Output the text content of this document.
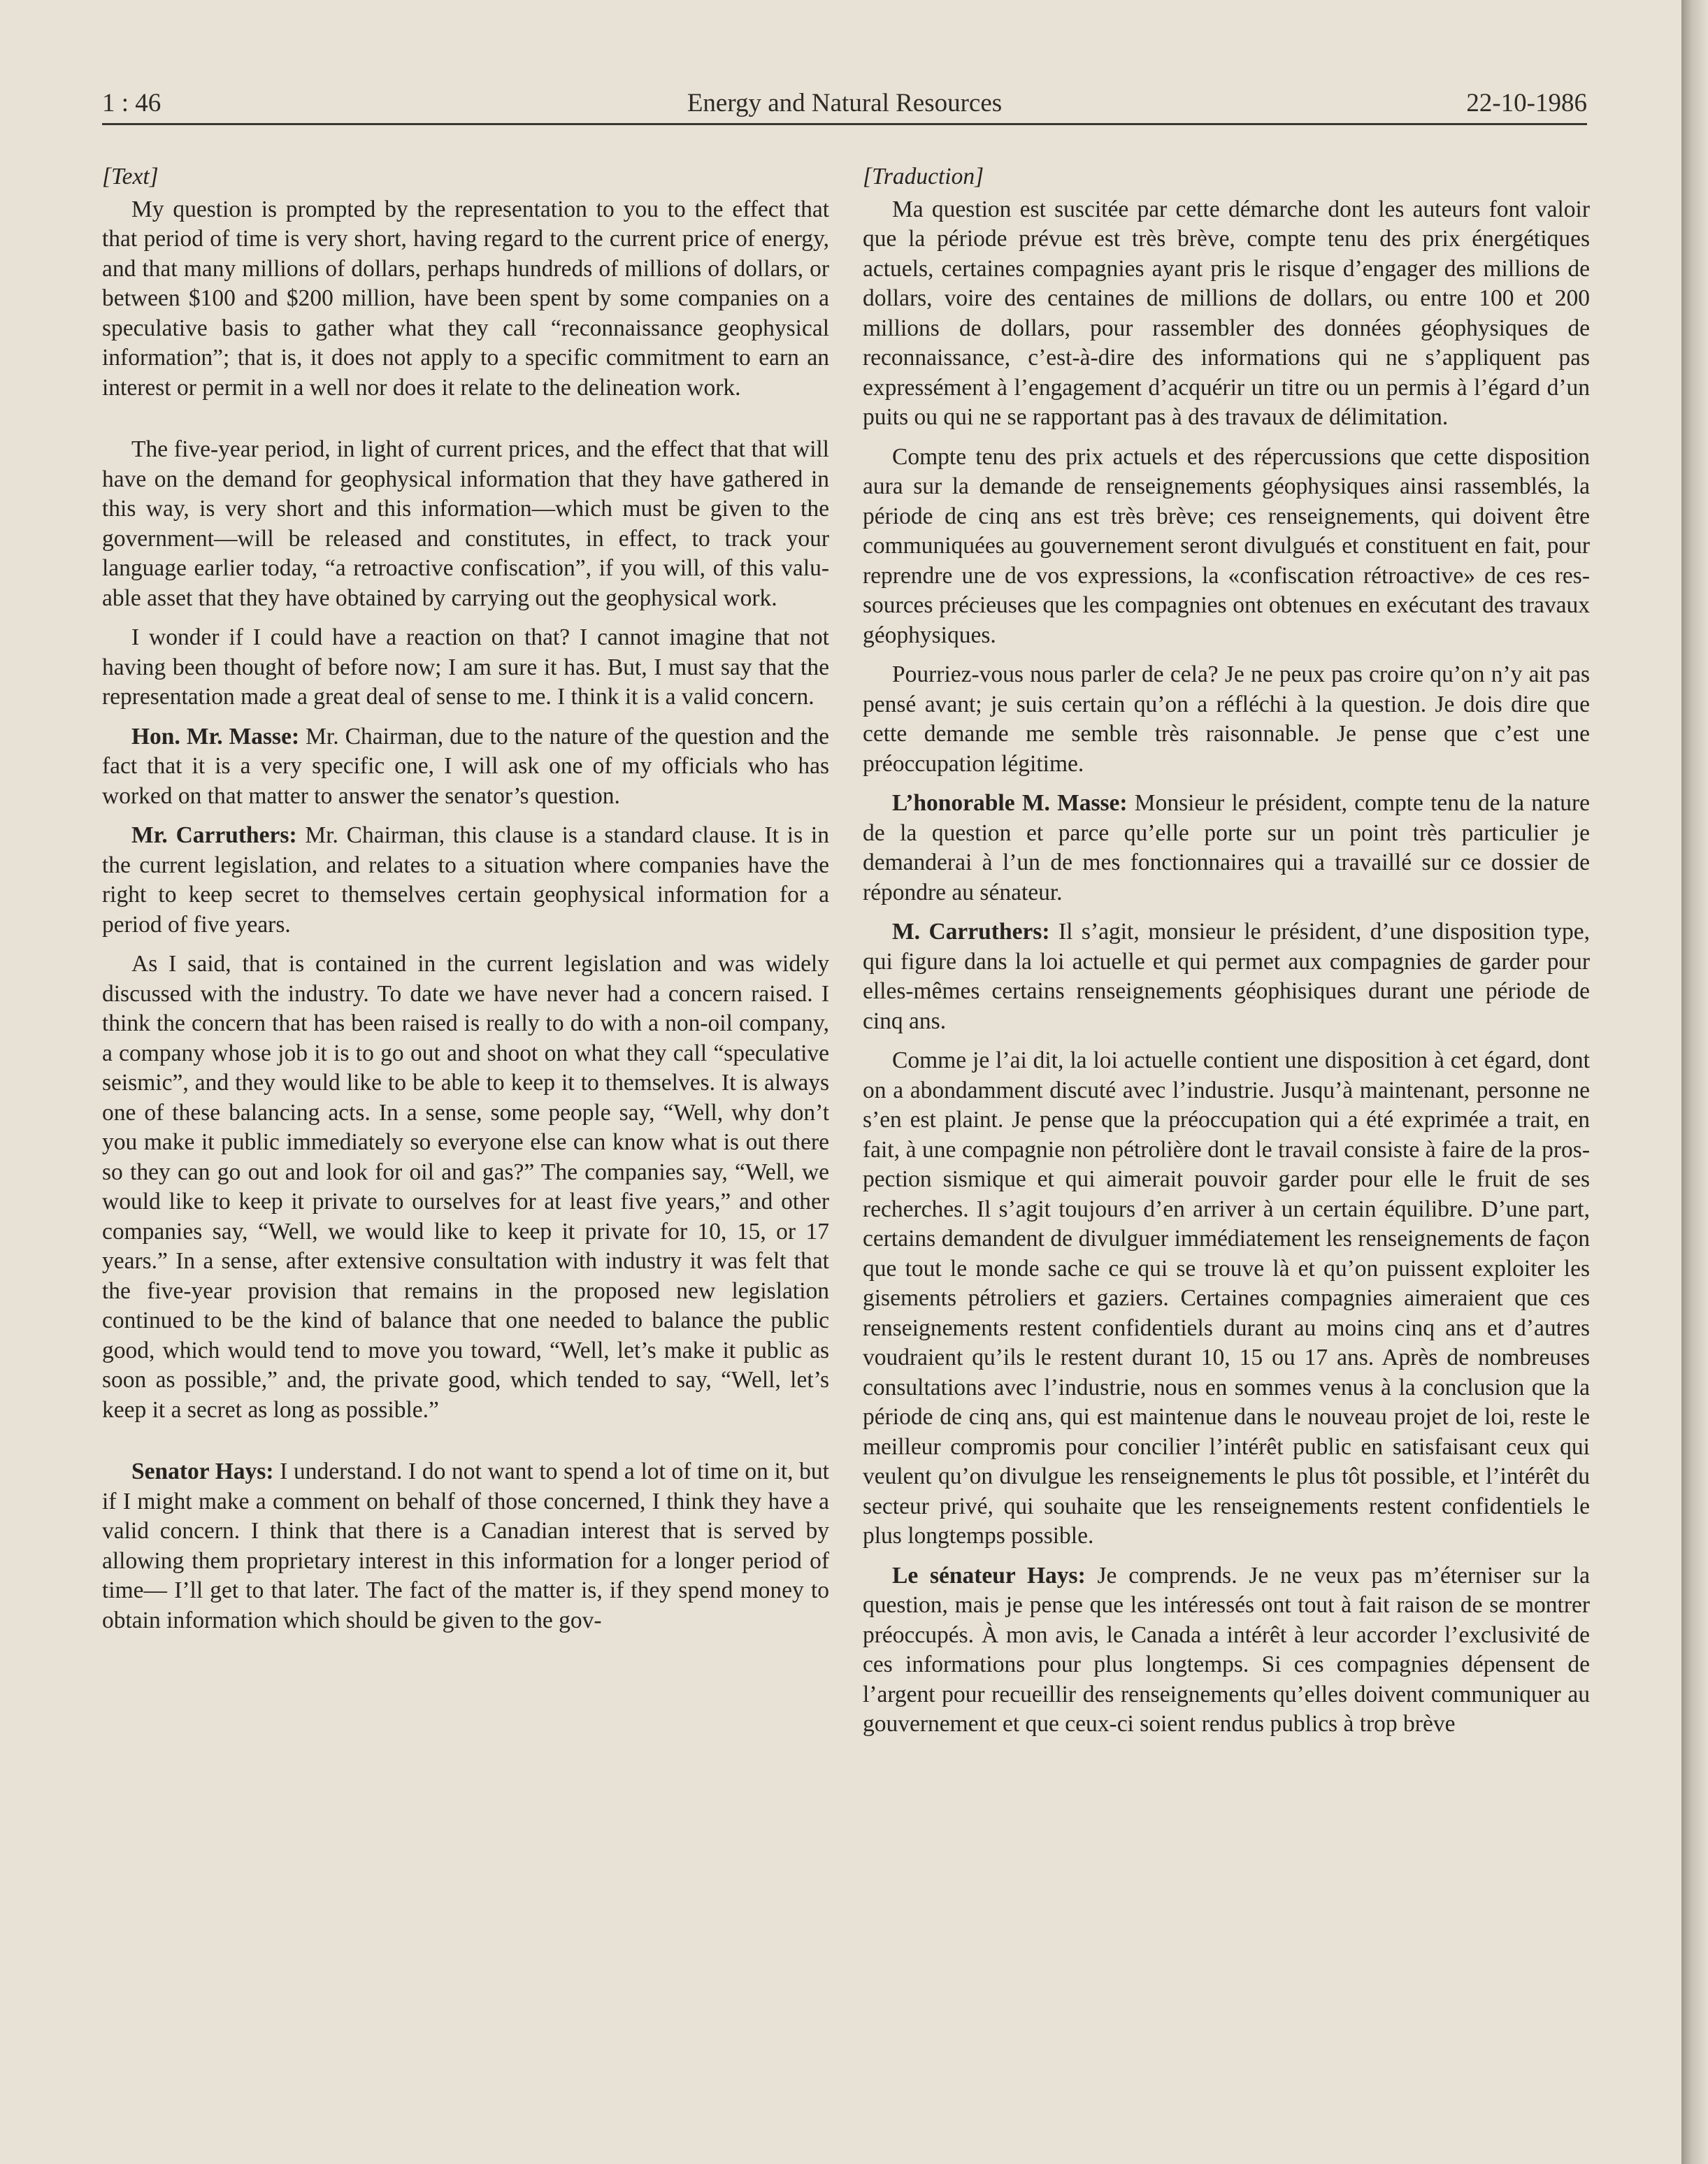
1 : 46	Energy and Natural Resources	22-10-1986

[Text]

My question is prompted by the representation to you to the effect that that period of time is very short, having regard to the current price of energy, and that many millions of dollars, perhaps hundreds of millions of dollars, or between $100 and $200 million, have been spent by some companies on a speculative basis to gather what they call “reconnaissance geophysical information”; that is, it does not apply to a specific commitment to earn an interest or permit in a well nor does it relate to the delineation work.

The five-year period, in light of current prices, and the effect that that will have on the demand for geophysical information that they have gathered in this way, is very short and this information—which must be given to the government—will be released and constitutes, in effect, to track your language earlier today, “a retroactive confiscation”, if you will, of this valuable asset that they have obtained by carrying out the geophysical work.

I wonder if I could have a reaction on that? I cannot imagine that not having been thought of before now; I am sure it has. But, I must say that the representation made a great deal of sense to me. I think it is a valid concern.

Hon. Mr. Masse: Mr. Chairman, due to the nature of the question and the fact that it is a very specific one, I will ask one of my officials who has worked on that matter to answer the senator’s question.

Mr. Carruthers: Mr. Chairman, this clause is a standard clause. It is in the current legislation, and relates to a situation where companies have the right to keep secret to themselves certain geophysical information for a period of five years.

As I said, that is contained in the current legislation and was widely discussed with the industry. To date we have never had a concern raised. I think the concern that has been raised is really to do with a non-oil company, a company whose job it is to go out and shoot on what they call “speculative seismic”, and they would like to be able to keep it to themselves. It is always one of these balancing acts. In a sense, some people say, “Well, why don’t you make it public immediately so everyone else can know what is out there so they can go out and look for oil and gas?” The companies say, “Well, we would like to keep it private to ourselves for at least five years,” and other companies say, “Well, we would like to keep it private for 10, 15, or 17 years.” In a sense, after extensive consultation with industry it was felt that the five-year provision that remains in the proposed new legislation continued to be the kind of balance that one needed to balance the public good, which would tend to move you toward, “Well, let’s make it public as soon as possible,” and, the private good, which tended to say, “Well, let’s keep it a secret as long as possible.”

Senator Hays: I understand. I do not want to spend a lot of time on it, but if I might make a comment on behalf of those concerned, I think they have a valid concern. I think that there is a Canadian interest that is served by allowing them proprietary interest in this information for a longer period of time— I’ll get to that later. The fact of the matter is, if they spend money to obtain information which should be given to the gov-

[Traduction]

Ma question est suscitée par cette démarche dont les auteurs font valoir que la période prévue est très brève, compte tenu des prix énergétiques actuels, certaines compagnies ayant pris le risque d’engager des millions de dollars, voire des centaines de millions de dollars, ou entre 100 et 200 millions de dollars, pour rassembler des données géophysiques de reconnaissance, c’est-à-dire des informations qui ne s’appliquent pas expressément à l’engagement d’acquérir un titre ou un permis à l’égard d’un puits ou qui ne se rapportant pas à des travaux de délimitation.

Compte tenu des prix actuels et des répercussions que cette disposition aura sur la demande de renseignements géophysiques ainsi rassemblés, la période de cinq ans est très brève; ces renseignements, qui doivent être communiquées au gouvernement seront divulgués et constituent en fait, pour reprendre une de vos expressions, la «confiscation rétroactive» de ces ressources précieuses que les compagnies ont obtenues en exécutant des travaux géophysiques.

Pourriez-vous nous parler de cela? Je ne peux pas croire qu’on n’y ait pas pensé avant; je suis certain qu’on a réfléchi à la question. Je dois dire que cette demande me semble très raisonnable. Je pense que c’est une préoccupation légitime.

L’honorable M. Masse: Monsieur le président, compte tenu de la nature de la question et parce qu’elle porte sur un point très particulier je demanderai à l’un de mes fonctionnaires qui a travaillé sur ce dossier de répondre au sénateur.

M. Carruthers: Il s’agit, monsieur le président, d’une disposition type, qui figure dans la loi actuelle et qui permet aux compagnies de garder pour elles-mêmes certains renseignements géophisiques durant une période de cinq ans.

Comme je l’ai dit, la loi actuelle contient une disposition à cet égard, dont on a abondamment discuté avec l’industrie. Jusqu’à maintenant, personne ne s’en est plaint. Je pense que la préoccupation qui a été exprimée a trait, en fait, à une compagnie non pétrolière dont le travail consiste à faire de la prospection sismique et qui aimerait pouvoir garder pour elle le fruit de ses recherches. Il s’agit toujours d’en arriver à un certain équilibre. D’une part, certains demandent de divulguer immédiatement les renseignements de façon que tout le monde sache ce qui se trouve là et qu’on puissent exploiter les gisements pétroliers et gaziers. Certaines compagnies aimeraient que ces renseignements restent confidentiels durant au moins cinq ans et d’autres voudraient qu’ils le restent durant 10, 15 ou 17 ans. Après de nombreuses consultations avec l’industrie, nous en sommes venus à la conclusion que la période de cinq ans, qui est maintenue dans le nouveau projet de loi, reste le meilleur compromis pour concilier l’intérêt public en satisfaisant ceux qui veulent qu’on divulgue les renseignements le plus tôt possible, et l’intérêt du secteur privé, qui souhaite que les renseignements restent confidentiels le plus longtemps possible.

Le sénateur Hays: Je comprends. Je ne veux pas m’éterniser sur la question, mais je pense que les intéressés ont tout à fait raison de se montrer préoccupés. À mon avis, le Canada a intérêt à leur accorder l’exclusivité de ces informations pour plus longtemps. Si ces compagnies dépensent de l’argent pour recueillir des renseignements qu’elles doivent communiquer au gouvernement et que ceux-ci soient rendus publics à trop brève
